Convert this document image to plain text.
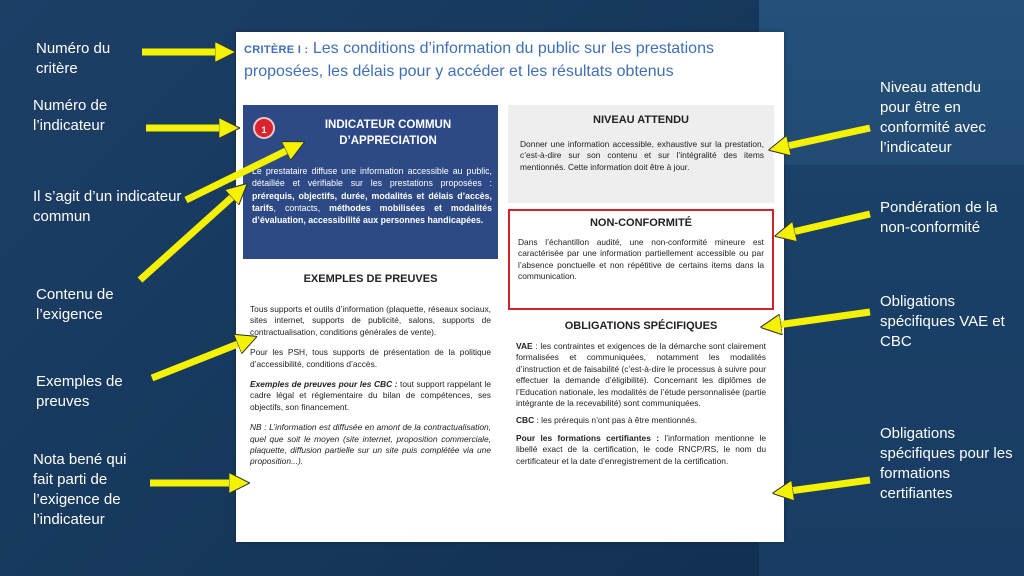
Numéro du critère
Numéro de l’indicateur
Il s’agit d’un indicateur commun
Contenu de l’exigence
Exemples de preuves
Nota bené qui fait parti de l’exigence de l’indicateur
Niveau attendu pour être en conformité avec l’indicateur
Pondération de la non-conformité
Obligations spécifiques VAE et CBC
Obligations spécifiques pour les formations certifiantes
CRITÈRE I : Les conditions d’information du public sur les prestations proposées, les délais pour y accéder et les résultats obtenus
1	INDICATEUR COMMUN D’APPRECIATION
Le prestataire diffuse une information accessible au public, détaillée et vérifiable sur les prestations proposées : prérequis, objectifs, durée, modalités et délais d’accès, tarifs, contacts, méthodes mobilisées et modalités d’évaluation, accessibilité aux personnes handicapées.
NIVEAU ATTENDU
Donner une information accessible, exhaustive sur la prestation, c’est-à-dire sur son contenu et sur l’intégralité des items mentionnés. Cette information doit être à jour.
NON-CONFORMITÉ
Dans l’échantillon audité, une non-conformité mineure est caractérisée par une information partiellement accessible ou par l’absence ponctuelle et non répétitive de certains items dans la communication.
EXEMPLES DE PREUVES

Tous supports et outils d’information (plaquette, réseaux sociaux, sites internet, supports de publicité, salons, supports de contractualisation, conditions générales de vente).

Pour les PSH, tous supports de présentation de la politique d’accessibilité, conditions d’accès.

Exemples de preuves pour les CBC : tout support rappelant le cadre légal et réglementaire du bilan de compétences, ses objectifs, son financement.

NB : L’information est diffusée en amont de la contractualisation, quel que soit le moyen (site internet, proposition commerciale, plaquette, diffusion partielle sur un site puis complétée via une proposition...).

OBLIGATIONS SPÉCIFIQUES

VAE : les contraintes et exigences de la démarche sont clairement formalisées et communiquées, notamment les modalités d’instruction et de faisabilité (c’est-à-dire le processus à suivre pour effectuer la demande d’éligibilité). Concernant les diplômes de l’Education nationale, les modalités de l’étude personnalisée (partie intégrante de la recevabilité) sont communiquées.

CBC : les prérequis n’ont pas à être mentionnés.

Pour les formations certifiantes : l’information mentionne le libellé exact de la certification, le code RNCP/RS, le nom du certificateur et la date d’enregistrement de la certification.
